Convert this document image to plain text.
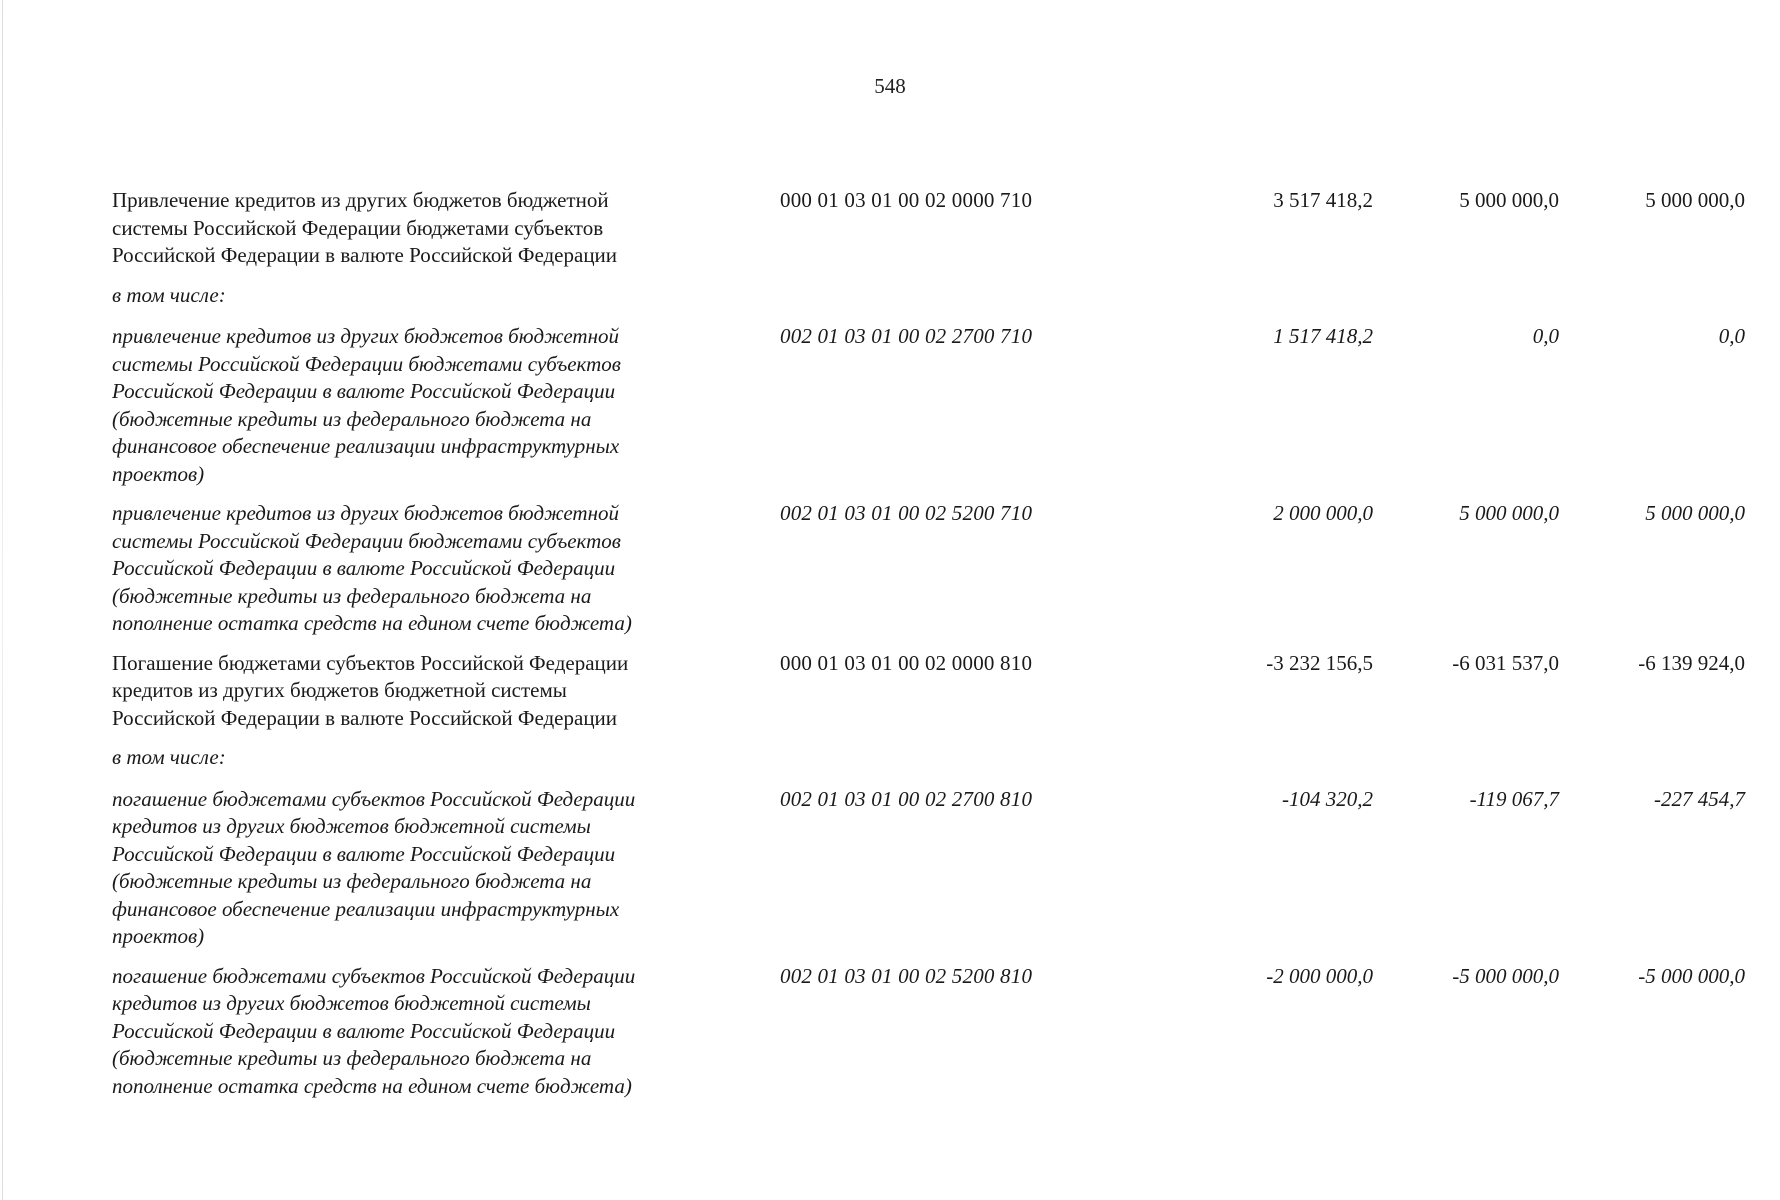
548
Привлечение кредитов из других бюджетов бюджетной
системы Российской Федерации бюджетами субъектов
Российской Федерации в валюте Российской Федерации
000 01 03 01 00 02 0000 710	3 517 418,2	5 000 000,0	5 000 000,0
в том числе:
привлечение кредитов из других бюджетов бюджетной
системы Российской Федерации бюджетами субъектов
Российской Федерации в валюте Российской Федерации
(бюджетные кредиты из федерального бюджета на
финансовое обеспечение реализации инфраструктурных
проектов)
002 01 03 01 00 02 2700 710	1 517 418,2	0,0	0,0
привлечение кредитов из других бюджетов бюджетной
системы Российской Федерации бюджетами субъектов
Российской Федерации в валюте Российской Федерации
(бюджетные кредиты из федерального бюджета на
пополнение остатка средств на едином счете бюджета)
002 01 03 01 00 02 5200 710	2 000 000,0	5 000 000,0	5 000 000,0
Погашение бюджетами субъектов Российской Федерации
кредитов из других бюджетов бюджетной системы
Российской Федерации в валюте Российской Федерации
000 01 03 01 00 02 0000 810	-3 232 156,5	-6 031 537,0	-6 139 924,0
в том числе:
погашение бюджетами субъектов Российской Федерации
кредитов из других бюджетов бюджетной системы
Российской Федерации в валюте Российской Федерации
(бюджетные кредиты из федерального бюджета на
финансовое обеспечение реализации инфраструктурных
проектов)
002 01 03 01 00 02 2700 810	-104 320,2	-119 067,7	-227 454,7
погашение бюджетами субъектов Российской Федерации
кредитов из других бюджетов бюджетной системы
Российской Федерации в валюте Российской Федерации
(бюджетные кредиты из федерального бюджета на
пополнение остатка средств на едином счете бюджета)
002 01 03 01 00 02 5200 810	-2 000 000,0	-5 000 000,0	-5 000 000,0
